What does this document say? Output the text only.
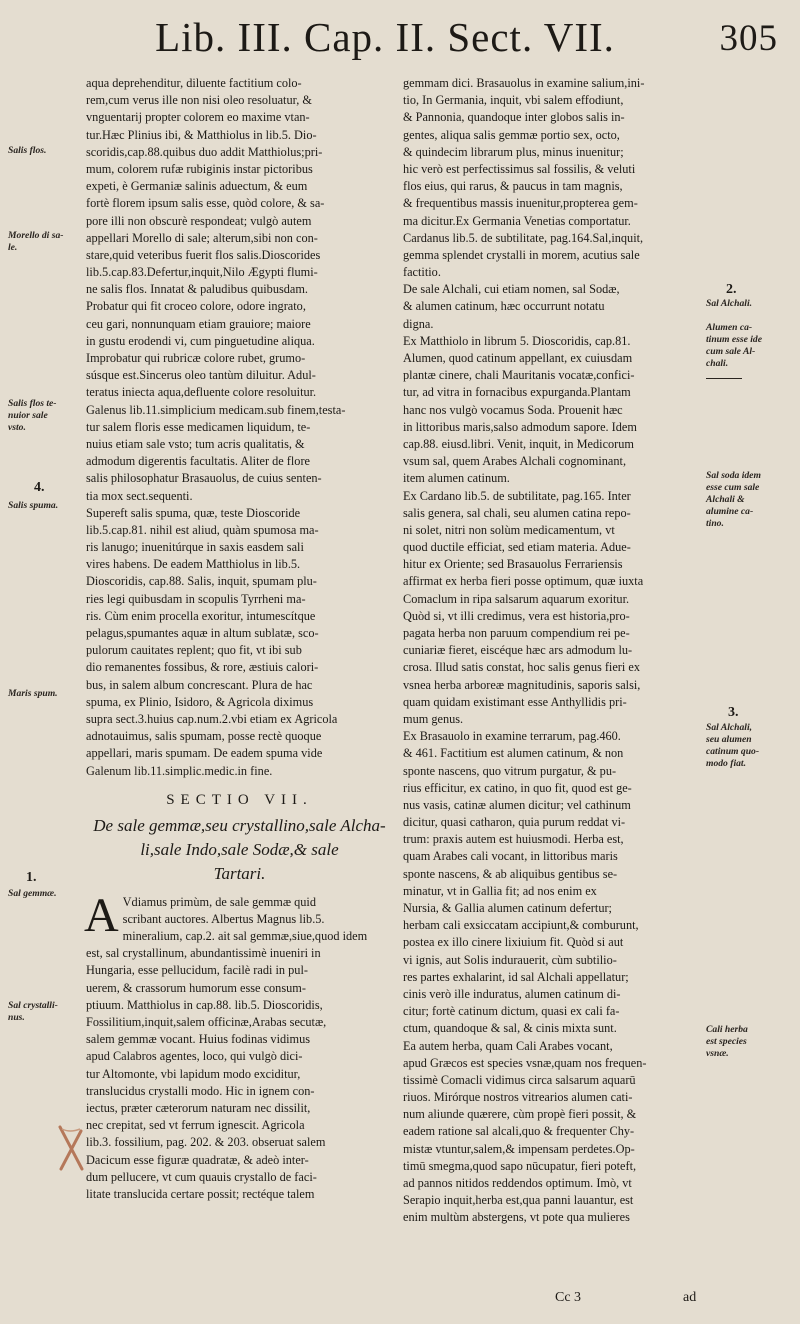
Lib. III. Cap. II. Sect. VII.	305
aqua deprehenditur, diluente factitium colo-
rem,cum verus ille non nisi oleo resoluatur, &
vnguentarij propter colorem eo maxime vtan-
tur.Hæc Plinius ibi, & Matthiolus in lib.5. Dio-
scoridis,cap.88.quibus duo addit Matthiolus;pri-
mum, colorem rufæ rubiginis instar pictoribus
expeti, è Germaniæ salinis aduectum, & eum
fortè florem ipsum salis esse, quòd colore, & sa-
pore illi non obscurè respondeat; vulgò autem
appellari Morello di sale; alterum,sibi non con-
stare,quid veteribus fuerit flos salis.Dioscorides
lib.5.cap.83.Defertur,inquit,Nilo Ægypti flumi-
ne salis flos. Innatat & paludibus quibusdam.
Probatur qui fit croceo colore, odore ingrato,
ceu gari, nonnunquam etiam grauiore; maiore
in gustu erodendi vi, cum pinguetudine aliqua.
Improbatur qui rubricæ colore rubet, grumo-
súsque est.Sincerus oleo tantùm diluitur. Adul-
teratus iniecta aqua,defluente colore resoluitur.
Galenus lib.11.simplicium medicam.sub finem,testa-
tur salem floris esse medicamen liquidum, te-
nuius etiam sale vsto; tum acris qualitatis, &
admodum digerentis facultatis. Aliter de flore
salis philosophatur Brasauolus, de cuius senten-
tia mox sect.sequenti.
Supereft salis spuma, quæ, teste Dioscoride
lib.5.cap.81. nihil est aliud, quàm spumosa ma-
ris lanugo; inuenitúrque in saxis easdem sali
vires habens. De eadem Matthiolus in lib.5.
Dioscoridis, cap.88. Salis, inquit, spumam plu-
ries legi quibusdam in scopulis Tyrrheni ma-
ris. Cùm enim procella exoritur, intumescítque
pelagus,spumantes aquæ in altum sublatæ, sco-
pulorum cauitates replent; quo fit, vt ibi sub
dio remanentes fossibus, & rore, æstiuis calori-
bus, in salem album concrescant. Plura de hac
spuma, ex Plinio, Isidoro, & Agricola diximus
supra sect.3.huius cap.num.2.vbi etiam ex Agricola
adnotauimus, salis spumam, posse rectè quoque
appellari, maris spumam. De eadem spuma vide
Galenum lib.11.simplic.medic.in fine.
SECTIO VII.
De sale gemmæ,seu crystallino,sale Alcha-
li,sale Indo,sale Sodæ,& sale
Tartari.
A Vdiamus primùm, de sale gemmæ quid
scribant auctores. Albertus Magnus lib.5.
mineralium, cap.2. ait sal gemmæ,siue,quod idem
est, sal crystallinum, abundantissimè inueniri in
Hungaria, esse pellucidum, facilè radi in pul-
uerem, & crassorum humorum esse consum-
ptiuum. Matthiolus in cap.88. lib.5. Dioscoridis,
Fossilitium,inquit,salem officinæ,Arabas secutæ,
salem gemmæ vocant. Huius fodinas vidimus
apud Calabros agentes, loco, qui vulgò dici-
tur Altomonte, vbi lapidum modo exciditur,
translucidus crystalli modo. Hic in ignem con-
iectus, præter cæterorum naturam nec dissilit,
nec crepitat, sed vt ferrum ignescit. Agricola
lib.3. fossilium, pag. 202. & 203. obseruat salem
Dacicum esse figuræ quadratæ, & adeò inter-
dum pellucere, vt cum quauis crystallo de faci-
litate translucida certare possit; rectéque talem
gemmam dici. Brasauolus in examine salium,ini-
tio, In Germania, inquit, vbi salem effodiunt,
& Pannonia, quandoque inter globos salis in-
gentes, aliqua salis gemmæ portio sex, octo,
& quindecim librarum plus, minus inuenitur;
hic verò est perfectissimus sal fossilis, & veluti
flos eius, qui rarus, & paucus in tam magnis,
& frequentibus massis inuenitur,propterea gem-
ma dicitur.Ex Germania Venetias comportatur.
Cardanus lib.5. de subtilitate, pag.164.Sal,inquit,
gemma splendet crystalli in morem, acutius sale
factitio.
De sale Alchali, cui etiam nomen, sal Sodæ,
& alumen catinum, hæc occurrunt notatu
digna.
Ex Matthiolo in librum 5. Dioscoridis, cap.81.
Alumen, quod catinum appellant, ex cuiusdam
plantæ cinere, chali Mauritanis vocatæ,confici-
tur, ad vitra in fornacibus expurganda.Plantam
hanc nos vulgò vocamus Soda. Prouenit hæc
in littoribus maris,salso admodum sapore. Idem
cap.88. eiusd.libri. Venit, inquit, in Medicorum
vsum sal, quem Arabes Alchali cognominant,
item alumen catinum.
Ex Cardano lib.5. de subtilitate, pag.165. Inter
salis genera, sal chali, seu alumen catina repo-
ni solet, nitri non solùm medicamentum, vt
quod ductile efficiat, sed etiam materia. Adue-
hitur ex Oriente; sed Brasauolus Ferrariensis
affirmat ex herba fieri posse optimum, quæ iuxta
Comaclum in ripa salsarum aquarum exoritur.
Quòd si, vt illi credimus, vera est historia,pro-
pagata herba non paruum compendium rei pe-
cuniariæ fieret, eiscéque hæc ars admodum lu-
crosa. Illud satis constat, hoc salis genus fieri ex
vsnea herba arboreæ magnitudinis, saporis salsi,
quam quidam existimant esse Anthyllidis pri-
mum genus.
Ex Brasauolo in examine terrarum, pag.460.
& 461. Factitium est alumen catinum, & non
sponte nascens, quo vitrum purgatur, & pu-
rius efficitur, ex catino, in quo fit, quod est ge-
nus vasis, catinæ alumen dicitur; vel cathinum
dicitur, quasi catharon, quia purum reddat vi-
trum: praxis autem est huiusmodi. Herba est,
quam Arabes cali vocant, in littoribus maris
sponte nascens, & ab aliquibus gentibus se-
minatur, vt in Gallia fit; ad nos enim ex
Nursia, & Gallia alumen catinum defertur;
herbam cali exsiccatam accipiunt,& comburunt,
postea ex illo cinere lixiuium fit. Quòd si aut
vi ignis, aut Solis indurauerit, cùm subtilio-
res partes exhalarint, id sal Alchali appellatur;
cinis verò ille induratus, alumen catinum di-
citur; fortè catinum dictum, quasi ex cali fa-
ctum, quandoque & sal, & cinis mixta sunt.
Ea autem herba, quam Cali Arabes vocant,
apud Græcos est species vsnæ,quam nos frequen-
tissimè Comacli vidimus circa salsarum aquarū
riuos. Mirórque nostros vitrearios alumen cati-
num aliunde quærere, cùm propè fieri possit, &
eadem ratione sal alcali,quo & frequenter Chy-
mistæ vtuntur,salem,& impensam perdetes.Op-
timū smegma,quod sapo nūcupatur, fieri poteft,
ad pannos nitidos reddendos optimum. Imò, vt
Serapio inquit,herba est,qua panni lauantur, est
enim multùm abstergens, vt pote qua mulieres
Salis flos.
Morello di sa-
le.
Salis flos te-
nuior sale
vsto.
4.
Salis spuma.
Maris spum.
1.
Sal gemmæ.
Sal crystalli-
nus.
2.
Sal Alchali.
Alumen ca-
tinum esse ide
cum sale Al-
chali.
Sal soda idem
esse cum sale
Alchali &
alumine ca-
tino.
3.
Sal Alchali,
seu alumen
catinum quo-
modo fiat.
Cali herba
est species
vsnæ.
Cc 3	ad
